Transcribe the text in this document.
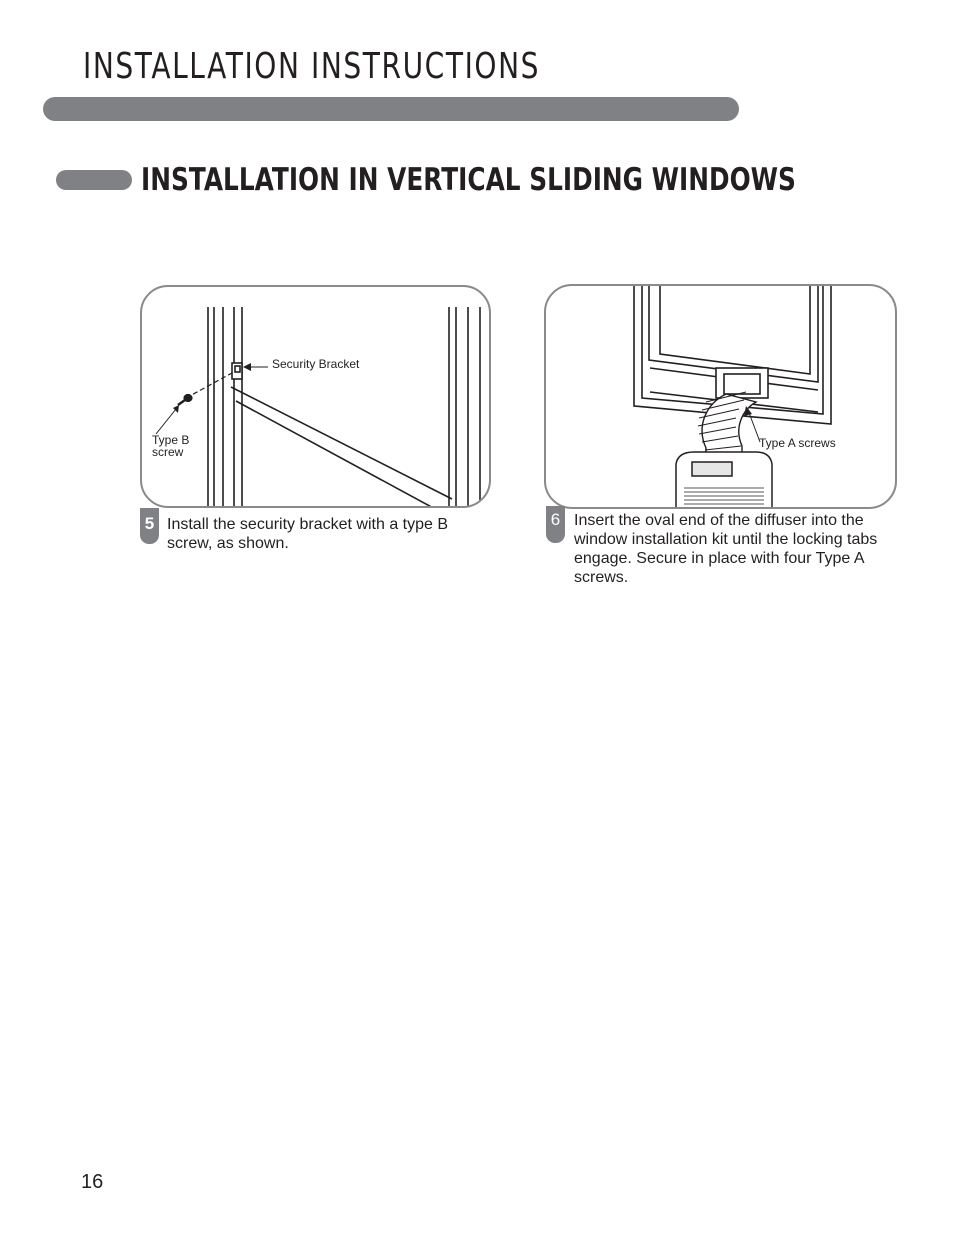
INSTALLATION INSTRUCTIONS
INSTALLATION IN VERTICAL SLIDING WINDOWS
Security Bracket
Type B
screw
5 Install the security bracket with a type B screw, as shown.

Type A screws
6 Insert the oval end of the diffuser into the window installation kit until the locking tabs engage. Secure in place with four Type A screws.

16
